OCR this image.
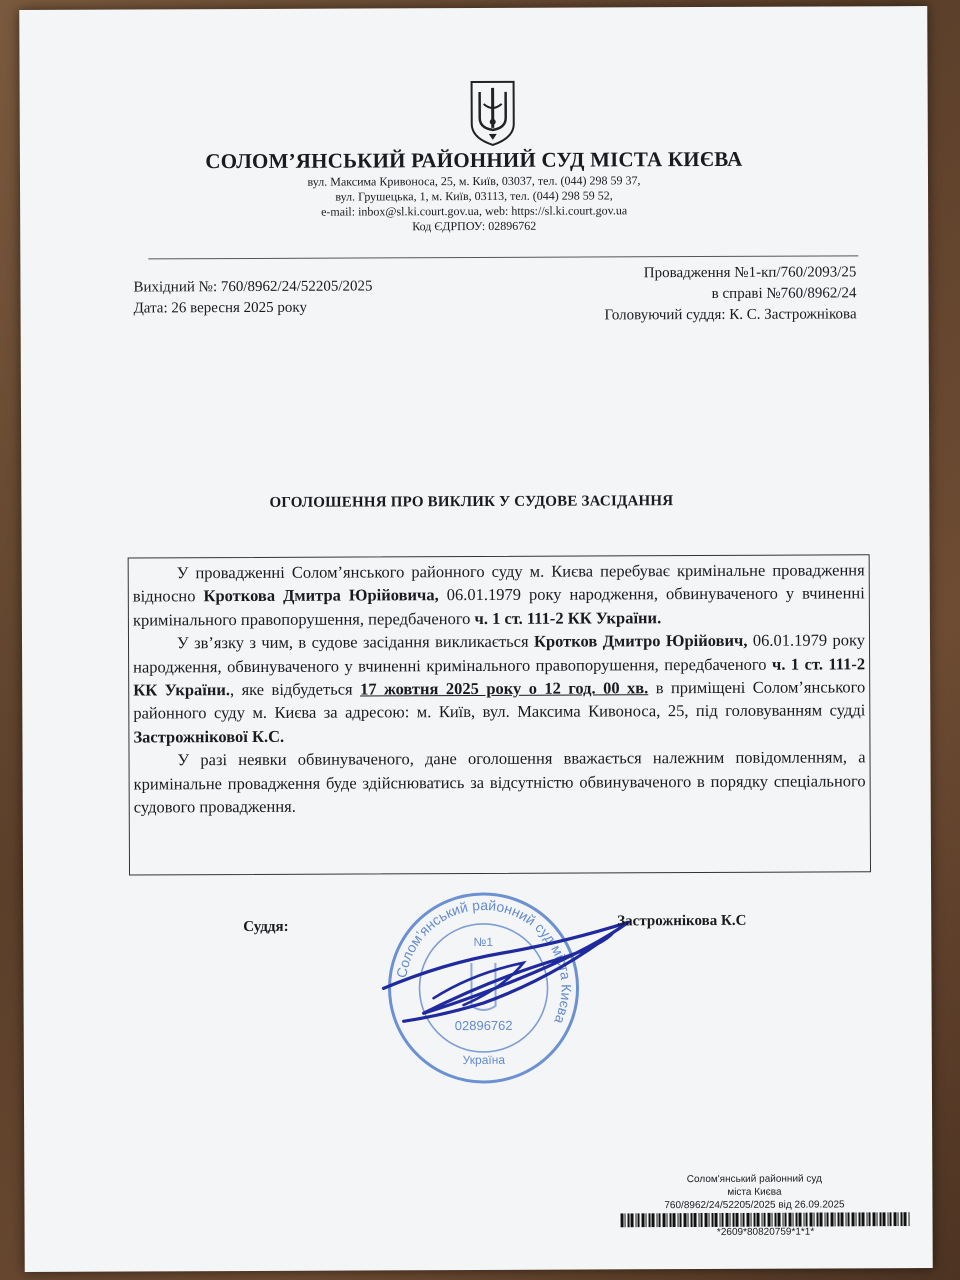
СОЛОМ’ЯНСЬКИЙ РАЙОННИЙ СУД МІСТА КИЄВА
вул. Максима Кривоноса, 25, м. Київ, 03037, тел. (044) 298 59 37,
вул. Грушецька, 1, м. Київ, 03113, тел. (044) 298 59 52,
e-mail: inbox@sl.ki.court.gov.ua, web: https://sl.ki.court.gov.ua
Код ЄДРПОУ: 02896762
Вихідний №: 760/8962/24/52205/2025
Дата: 26 вересня 2025 року
Провадження №1-кп/760/2093/25
в справі №760/8962/24
Головуючий суддя: К. С. Застрожнікова
ОГОЛОШЕННЯ ПРО ВИКЛИК У СУДОВЕ ЗАСІДАННЯ

У провадженні Солом’янського районного суду м. Києва перебуває кримінальне провадження відносно Кроткова Дмитра Юрійовича, 06.01.1979 року народження, обвинуваченого у вчиненні кримінального правопорушення, передбаченого ч. 1 ст. 111-2 КК України.

У зв’язку з чим, в судове засідання викликається Кротков Дмитро Юрійович, 06.01.1979 року народження, обвинуваченого у вчиненні кримінального правопорушення, передбаченого ч. 1 ст. 111-2 КК України., яке відбудеться 17 жовтня 2025 року о 12 год. 00 хв. в приміщені Солом’янського районного суду м. Києва за адресою: м. Київ, вул. Максима Кивоноса, 25, під головуванням судді Застрожнікової К.С.

У разі неявки обвинуваченого, дане оголошення вважається належним повідомленням, а кримінальне провадження буде здійснюватись за відсутністю обвинуваченого в порядку спеціального судового провадження.

Суддя:
Солом’янський районний суд міста Києва
№1
02896762
Україна
Застрожнікова К.С
Солом'янський районний суд
міста Києва
760/8962/24/52205/2025 від 26.09.2025
*2609*80820759*1*1*
